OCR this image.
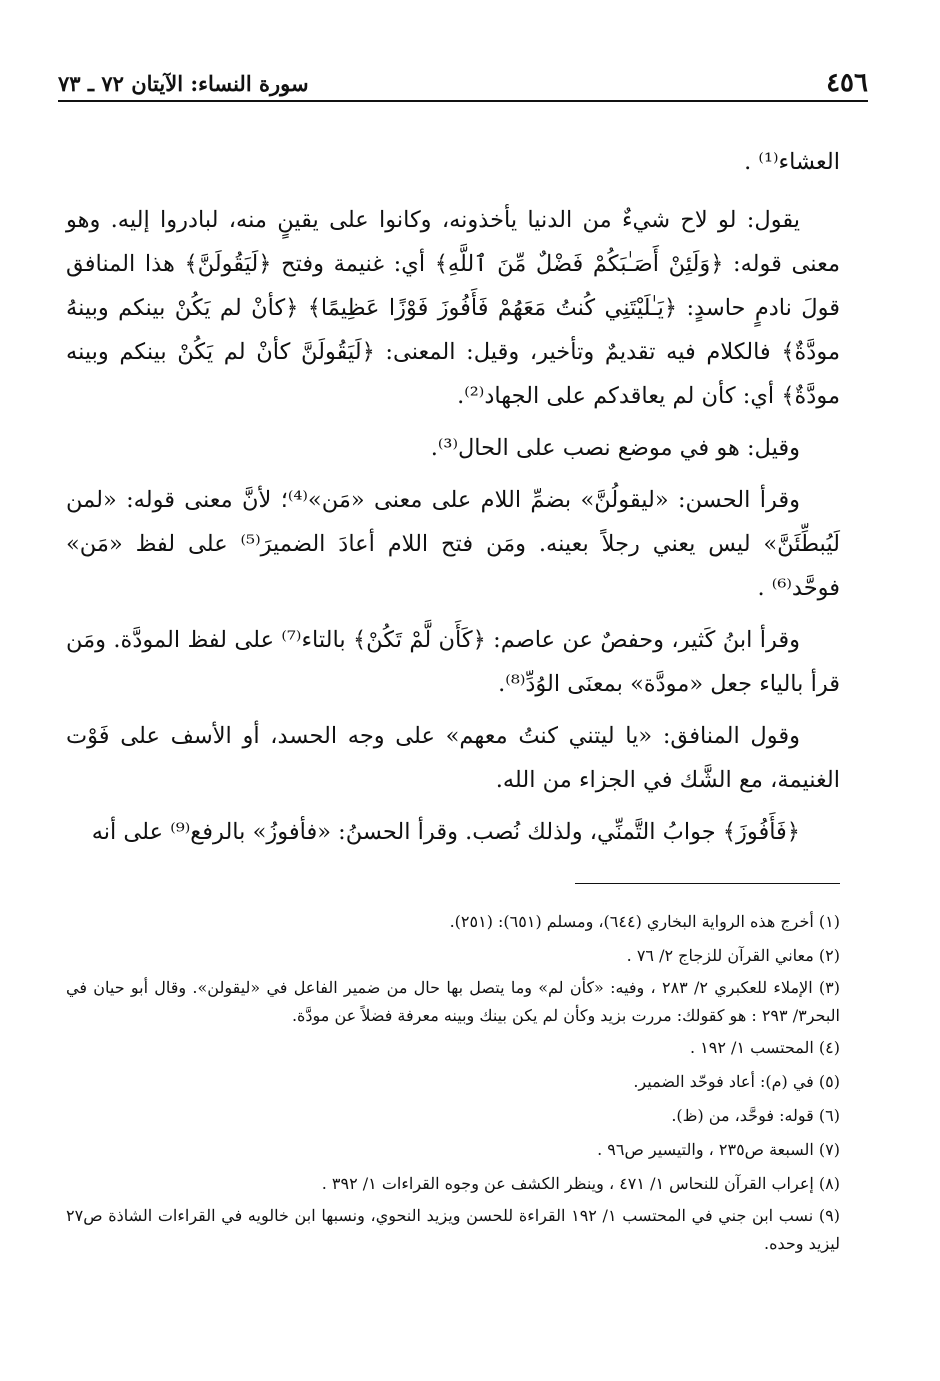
٤٥٦
سورة النساء: الآيتان ٧٢ ـ ٧٣

العشاء⁽¹⁾ .

يقول: لو لاح شيءٌ من الدنيا يأخذونه، وكانوا على يقينٍ منه، لبادروا إليه. وهو معنى قوله: ﴿وَلَئِنْ أَصَـٰبَكُمْ فَضْلٌ مِّنَ ٱللَّهِ﴾ أي: غنيمة وفتح ﴿لَيَقُولَنَّ﴾ هذا المنافق قولَ نادمٍ حاسدٍ: ﴿يَـٰلَيْتَنِي كُنتُ مَعَهُمْ فَأَفُوزَ فَوْزًا عَظِيمًا﴾ ﴿كأنْ لم يَكُنْ بينكم وبينهُ مودَّةٌ﴾ فالكلام فيه تقديمٌ وتأخير، وقيل: المعنى: ﴿لَيَقُولَنَّ كأنْ لم يَكُنْ بينكم وبينه مودَّةٌ﴾ أي: كأن لم يعاقدكم على الجهاد⁽²⁾.

وقيل: هو في موضع نصب على الحال⁽³⁾.

وقرأ الحسن: «ليقولُنَّ» بضمِّ اللام على معنى «مَن»⁽⁴⁾؛ لأنَّ معنى قوله: «لمن لَيُبطِّئَنَّ» ليس يعني رجلاً بعينه. ومَن فتح اللام أعادَ الضميرَ⁽⁵⁾ على لفظ «مَن» فوحَّد⁽⁶⁾ .

وقرأ ابنُ كَثير، وحفصٌ عن عاصم: ﴿كَأَن لَّمْ تَكُنْ﴾ بالتاء⁽⁷⁾ على لفظ المودَّة. ومَن قرأ بالياء جعل «مودَّة» بمعنَى الوُدِّ⁽⁸⁾.

وقول المنافق: «يا ليتني كنتُ معهم» على وجه الحسد، أو الأسف على فَوْت الغنيمة، مع الشَّك في الجزاء من الله.

﴿فَأَفُوزَ﴾ جوابُ التَّمنِّي، ولذلك نُصب. وقرأ الحسنُ: «فأفوزُ» بالرفع⁽⁹⁾ على أنه

(١) أخرج هذه الرواية البخاري (٦٤٤)، ومسلم (٦٥١): (٢٥١).

(٢) معاني القرآن للزجاج ٢/ ٧٦ .

(٣) الإملاء للعكبري ٢/ ٢٨٣ ، وفيه: «كأن لم» وما يتصل بها حال من ضمير الفاعل في «ليقولن». وقال أبو حيان في البحر٣/ ٢٩٣ : هو كقولك: مررت بزيد وكأن لم يكن بينك وبينه معرفة فضلاً عن مودَّة.

(٤) المحتسب ١/ ١٩٢ .

(٥) في (م): أعاد فوحّد الضمير.

(٦) قوله: فوحَّد، من (ظ).

(٧) السبعة ص٢٣٥ ، والتيسير ص٩٦ .

(٨) إعراب القرآن للنحاس ١/ ٤٧١ ، وينظر الكشف عن وجوه القراءات ١/ ٣٩٢ .

(٩) نسب ابن جني في المحتسب ١/ ١٩٢ القراءة للحسن ويزيد النحوي، ونسبها ابن خالويه في القراءات الشاذة ص٢٧ ليزيد وحده.
